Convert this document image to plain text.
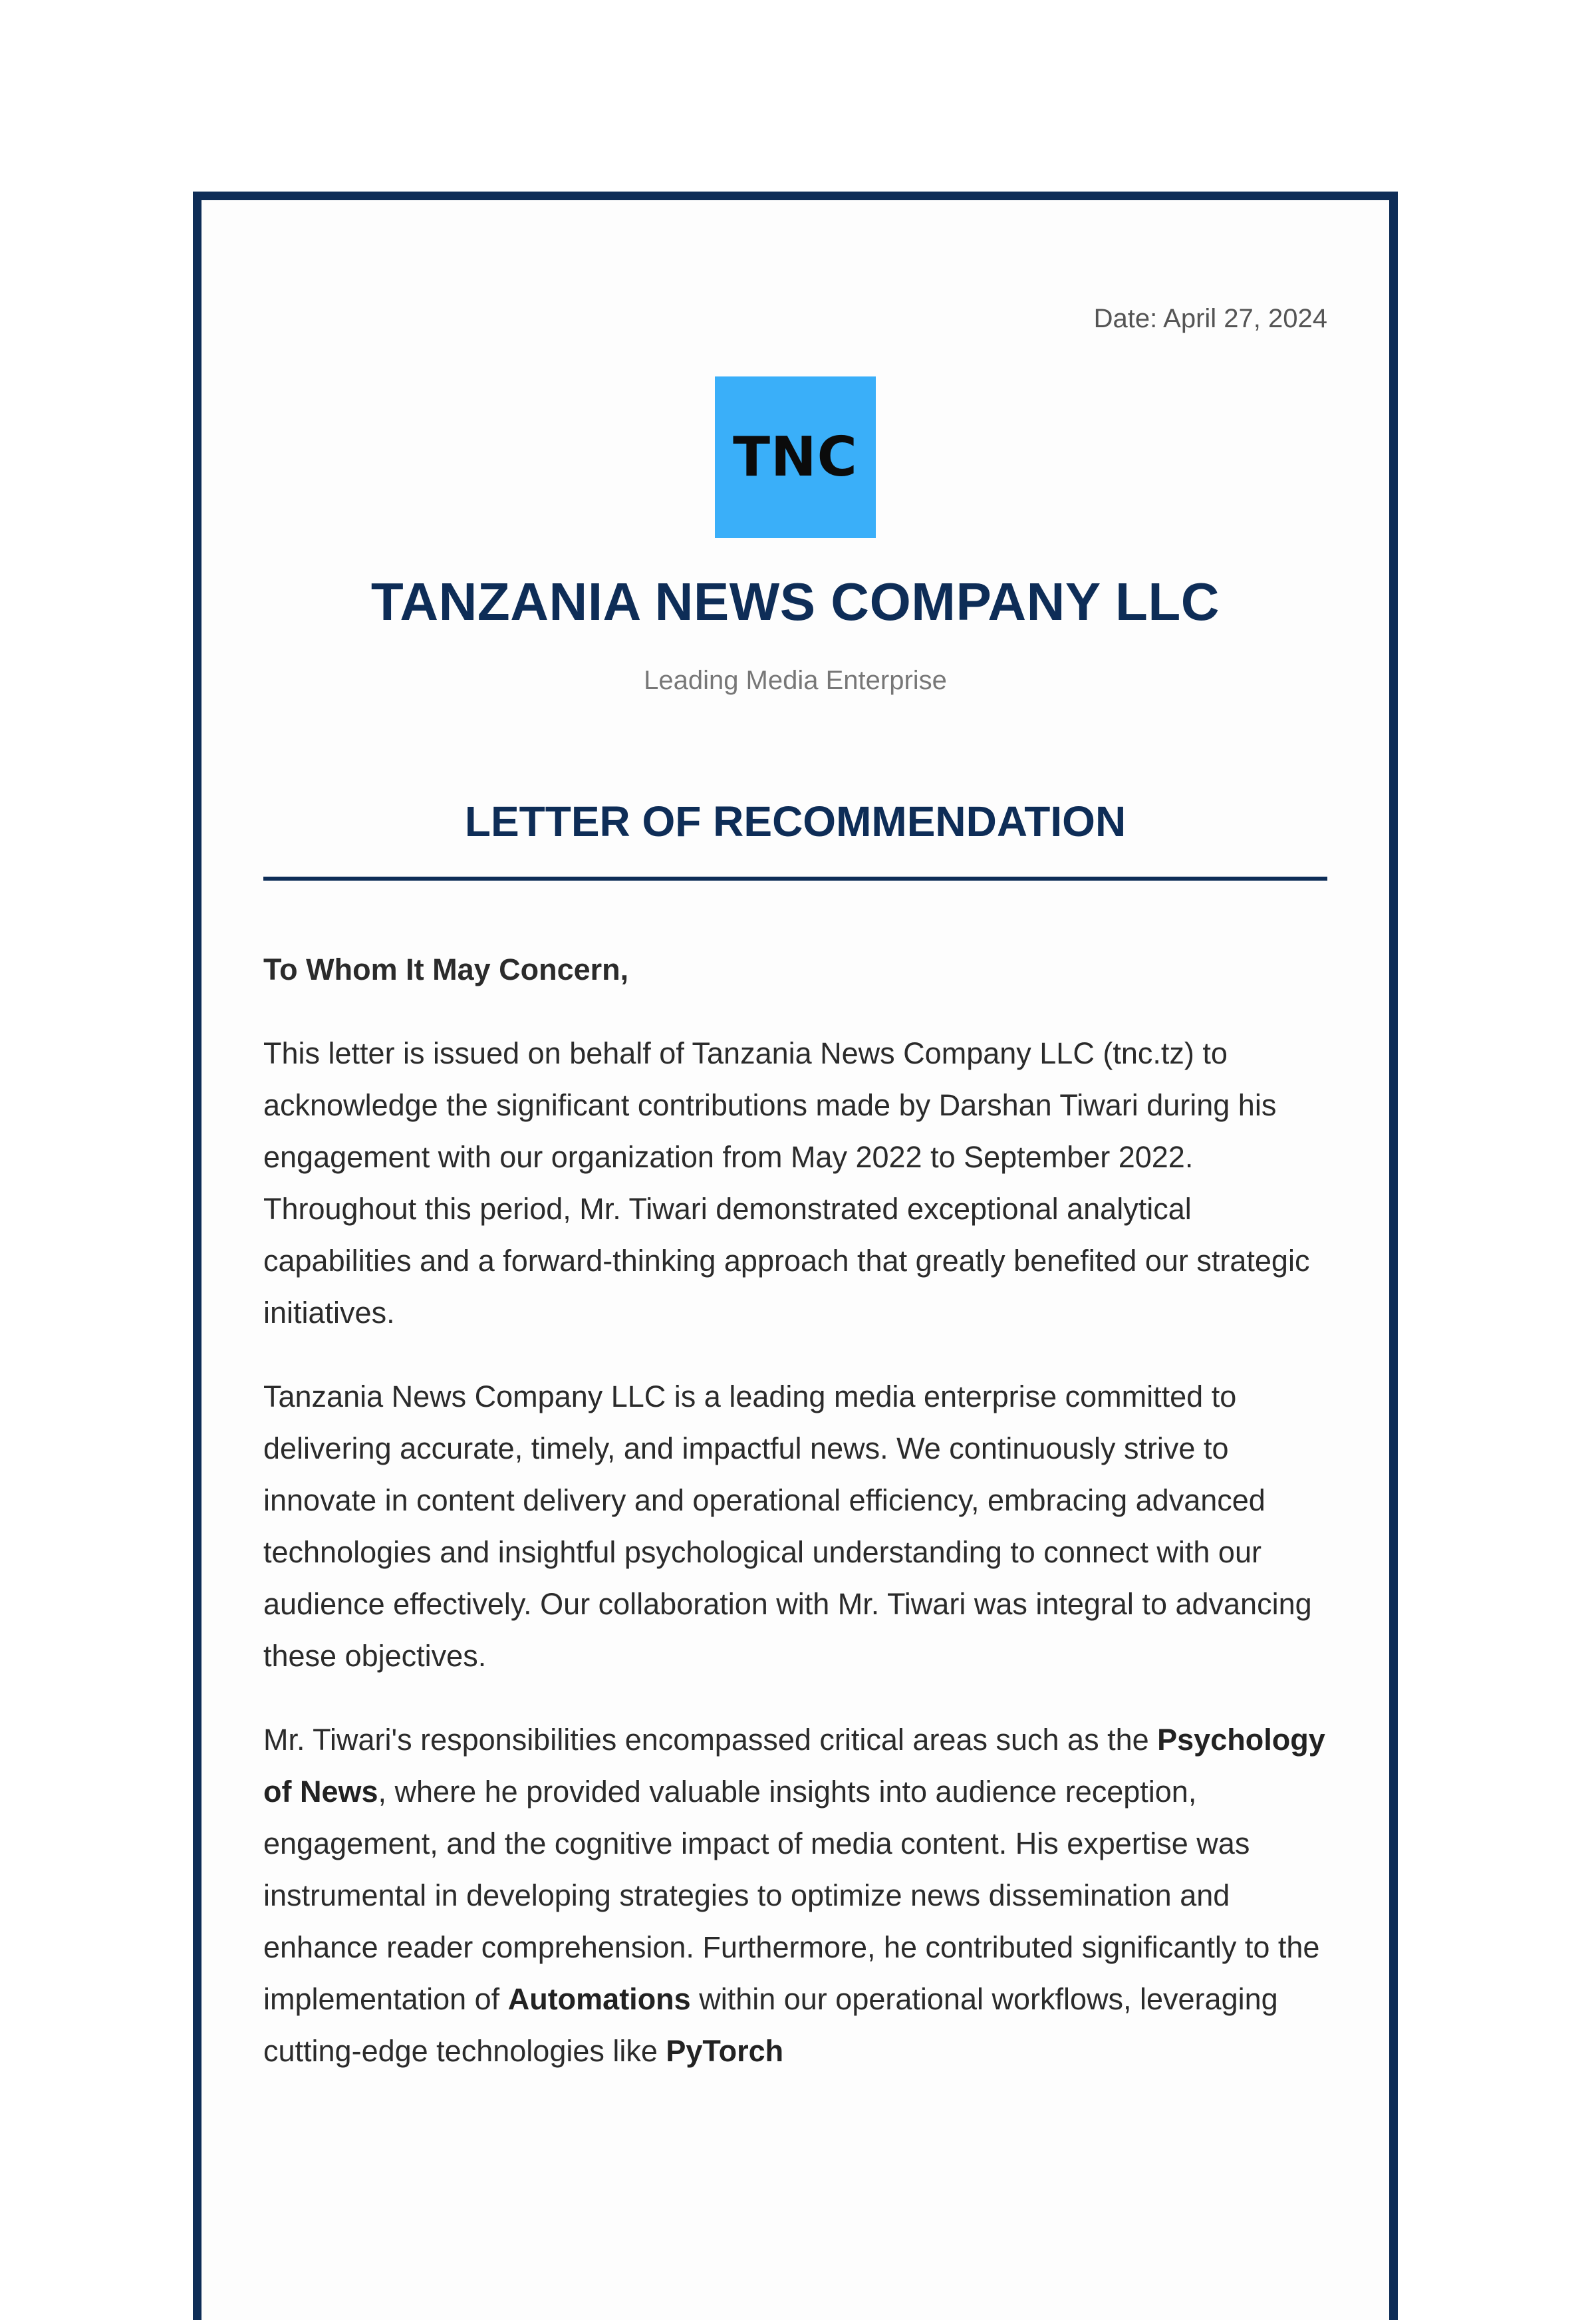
Date: April 27, 2024
TNC
TANZANIA NEWS COMPANY LLC
Leading Media Enterprise
LETTER OF RECOMMENDATION

To Whom It May Concern,

This letter is issued on behalf of Tanzania News Company LLC (tnc.tz) to acknowledge the significant contributions made by Darshan Tiwari during his engagement with our organization from May 2022 to September 2022. Throughout this period, Mr. Tiwari demonstrated exceptional analytical capabilities and a forward-thinking approach that greatly benefited our strategic initiatives.

Tanzania News Company LLC is a leading media enterprise committed to delivering accurate, timely, and impactful news. We continuously strive to innovate in content delivery and operational efficiency, embracing advanced technologies and insightful psychological understanding to connect with our audience effectively. Our collaboration with Mr. Tiwari was integral to advancing these objectives.

Mr. Tiwari's responsibilities encompassed critical areas such as the Psychology of News, where he provided valuable insights into audience reception, engagement, and the cognitive impact of media content. His expertise was instrumental in developing strategies to optimize news dissemination and enhance reader comprehension. Furthermore, he contributed significantly to the implementation of Automations within our operational workflows, leveraging cutting-edge technologies like PyTorch
